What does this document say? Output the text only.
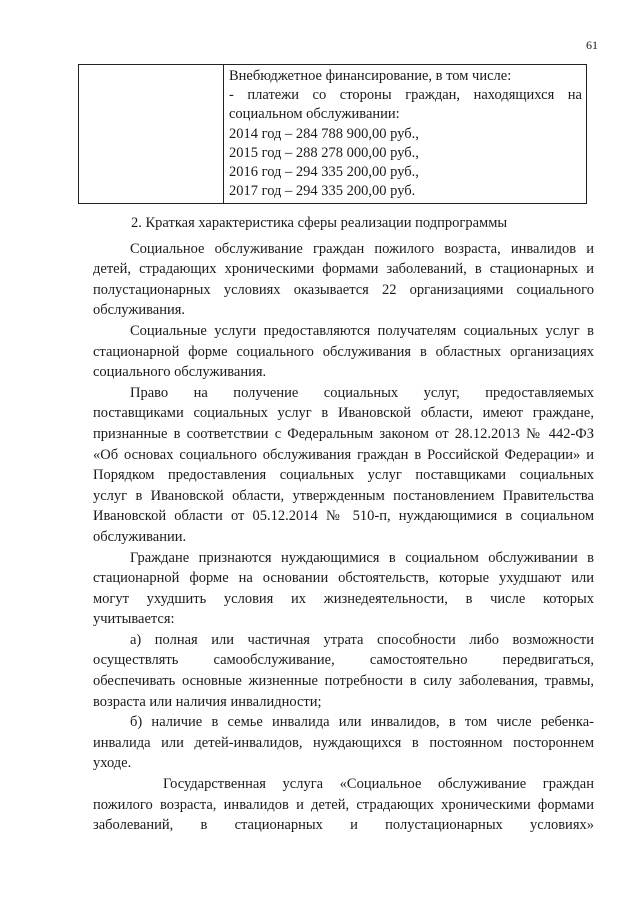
61

Внебюджетное финансирование, в том числе:
- платежи со стороны граждан, находящихся на
социальном обслуживании:
2014 год – 284 788 900,00 руб.,
2015 год – 288 278 000,00 руб.,
2016 год – 294 335 200,00 руб.,
2017 год – 294 335 200,00 руб.
2. Краткая характеристика сферы реализации подпрограммы
Социальное обслуживание граждан пожилого возраста, инвалидов и
детей, страдающих хроническими формами заболеваний, в стационарных и
полустационарных условиях оказывается 22 организациями социального
обслуживания.
Социальные услуги предоставляются получателям социальных услуг в
стационарной форме социального обслуживания в областных организациях
социального обслуживания.
Право на получение социальных услуг, предоставляемых
поставщиками социальных услуг в Ивановской области, имеют граждане,
признанные в соответствии с Федеральным законом от 28.12.2013 № 442-ФЗ
«Об основах социального обслуживания граждан в Российской Федерации» и
Порядком предоставления социальных услуг поставщиками социальных
услуг в Ивановской области, утвержденным постановлением Правительства
Ивановской области от 05.12.2014 № 510-п, нуждающимися в социальном
обслуживании.
Граждане признаются нуждающимися в социальном обслуживании в
стационарной форме на основании обстоятельств, которые ухудшают или
могут ухудшить условия их жизнедеятельности, в числе которых
учитывается:
а) полная или частичная утрата способности либо возможности
осуществлять самообслуживание, самостоятельно передвигаться,
обеспечивать основные жизненные потребности в силу заболевания, травмы,
возраста или наличия инвалидности;
б) наличие в семье инвалида или инвалидов, в том числе ребенка-
инвалида или детей-инвалидов, нуждающихся в постоянном постороннем
уходе.
Государственная услуга «Социальное обслуживание граждан
пожилого возраста, инвалидов и детей, страдающих хроническими формами
заболеваний, в стационарных и полустационарных условиях»
